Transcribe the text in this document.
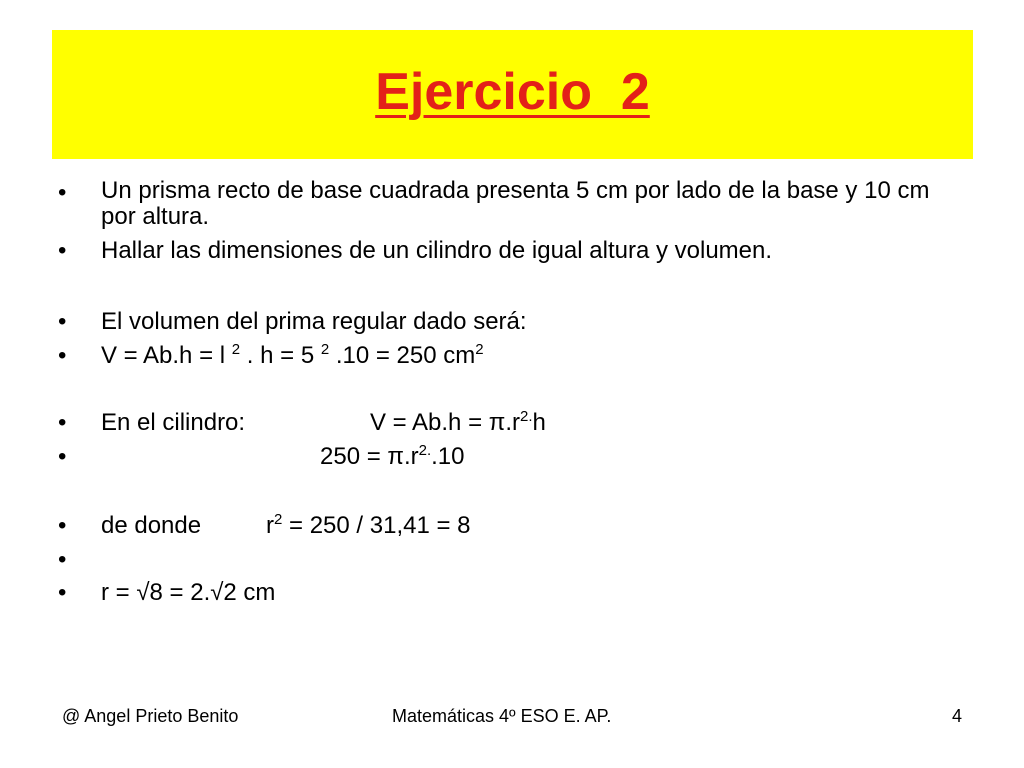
Ejercicio  2
• Un prisma recto de base cuadrada presenta 5 cm por lado de la base y 10 cm por altura.
• Hallar las dimensiones de un cilindro de igual altura y volumen.
• El volumen del prima regular dado será:
• V = Ab.h = l $^2$ . h = 5 $^2$ .10 = 250 $cm^2$
• En el cilindro:	$V = Ab.h = \pi.r^{2.}h$
•	$250 = \pi.r^{2.}.10$
• de donde	$r^2 = 250 / 31,41 = 8$
•
• r = √8 = 2.√2 cm
@ Angel Prieto Benito	Matemáticas 4º ESO E. AP.	4
